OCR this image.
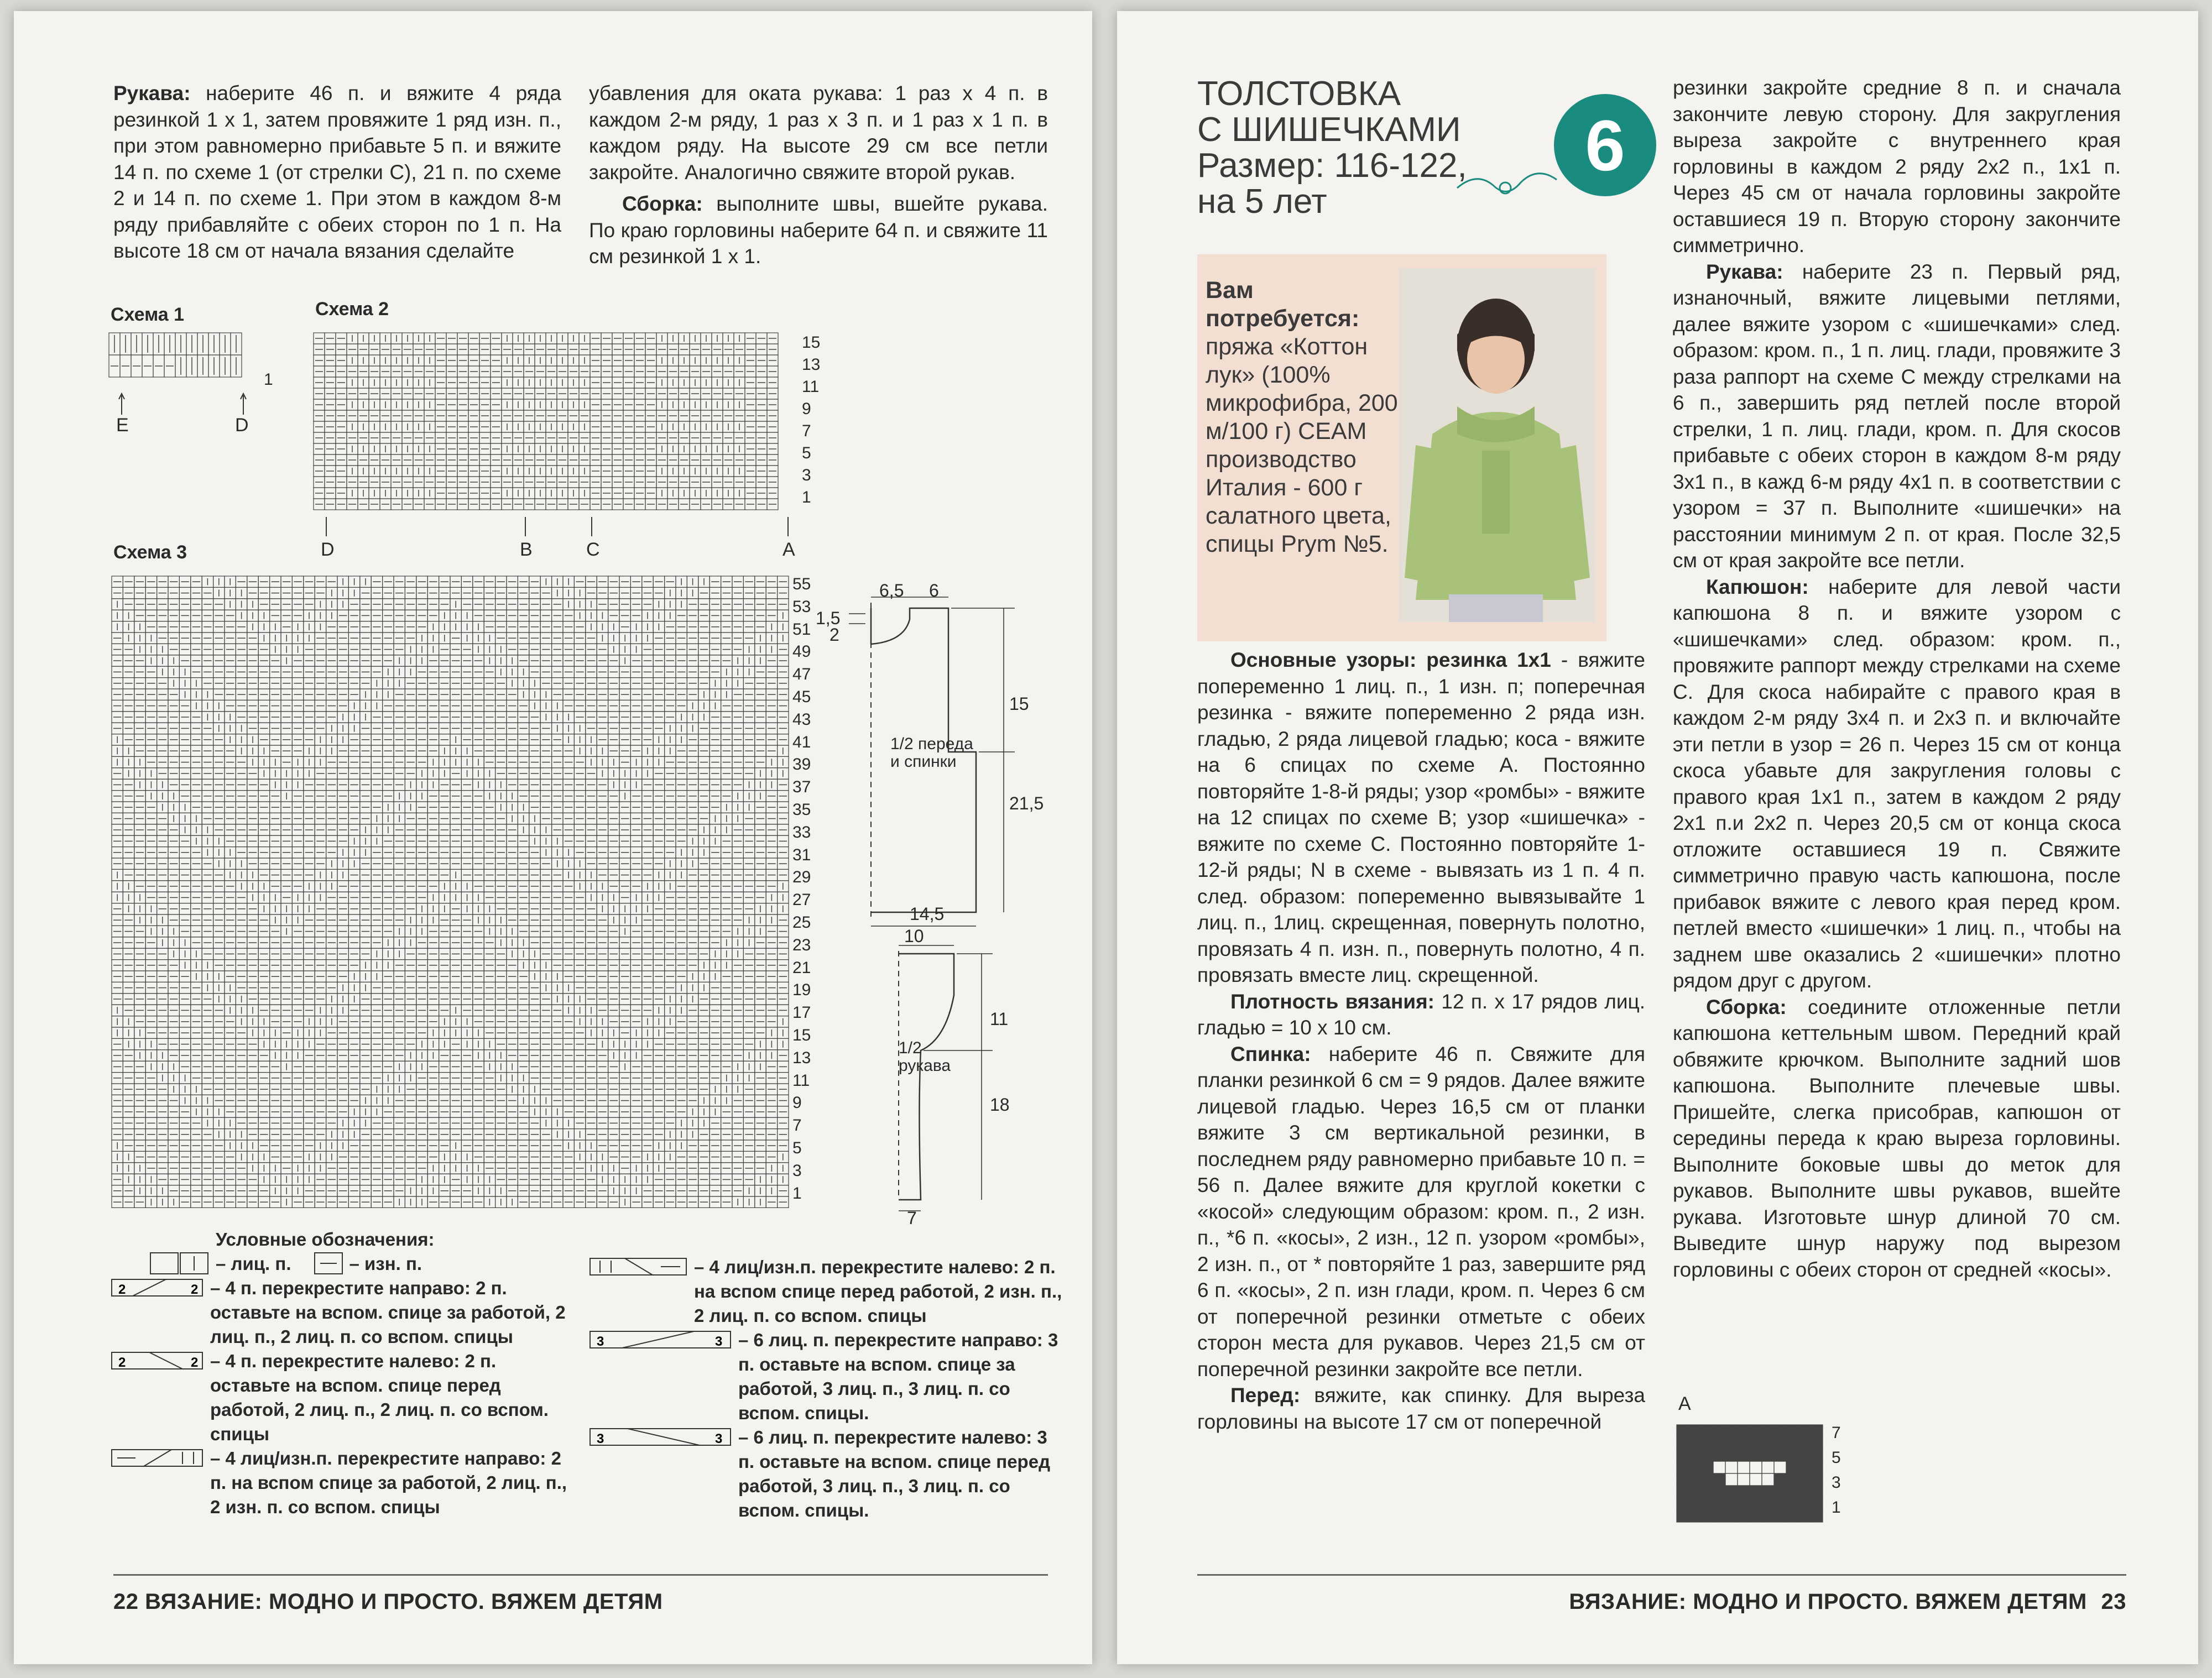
Рукава: наберите 46 п. и вяжите 4 ряда резинкой 1 х 1, затем провяжите 1 ряд изн. п., при этом равномерно прибавьте 5 п. и вяжите 14 п. по схеме 1 (от стрелки С), 21 п. по схеме 2 и 14 п. по схеме 1. При этом в каждом 8-м ряду прибавляйте с обеих сторон по 1 п. На высоте 18 см от начала вязания сделайте

убавления для оката рукава: 1 раз х 4 п. в каждом 2-м ряду, 1 раз х 3 п. и 1 раз х 1 п. в каждом ряду. На высоте 29 см все петли закройте. Аналогично свяжите второй рукав.

Сборка: выполните швы, вшейте рукава. По краю горловины наберите 64 п. и свяжите 11 см резинкой 1 х 1.

Схема 1
1
E	D
Схема 2
15
13
11
9
7
5
3
1
D	B	C	A
Схема 3
55
53
51
49
47
45
43
41
39
37
35
33
31
29
27
25
23
21
19
17
15
13
11
9
7
5
3
1
6,5 6
1,5
2
15
21,5
14,5
1/2 переда и спинки
10
11
18
7
1/2 рукава
Условные обозначения:
– лиц. п.	– изн. п.
2	2 – 4 п. перекрестите направо: 2 п. оставьте на вспом. спице за работой, 2 лиц. п., 2 лиц. п. со вспом. спицы
2	2 – 4 п. перекрестите налево: 2 п. оставьте на вспом. спице перед работой, 2 лиц. п., 2 лиц. п. со вспом. спицы
– 4 лиц/изн.п. перекрестите направо: 2 п. на вспом спице за работой, 2 лиц. п., 2 изн. п. со вспом. спицы
– 4 лиц/изн.п. перекрестите налево: 2 п. на вспом спице перед работой, 2 изн. п., 2 лиц. п. со вспом. спицы
3	3 – 6 лиц. п. перекрестите направо: 3 п. оставьте на вспом. спице за работой, 3 лиц. п., 3 лиц. п. со вспом. спицы.
3	3 – 6 лиц. п. перекрестите налево: 3 п. оставьте на вспом. спице перед работой, 3 лиц. п., 3 лиц. п. со вспом. спицы.
22 ВЯЗАНИЕ: МОДНО И ПРОСТО. ВЯЖЕМ ДЕТЯМ
ТОЛСТОВКА
С ШИШЕЧКАМИ
Размер: 116-122,
на 5 лет
6
Вам потребуется:
пряжа «Коттон лук» (100% микрофибра, 200 м/100 г) CEAM производство Италия - 600 г салатного цвета, спицы Prym №5.

Основные узоры: резинка 1х1 - вяжите попеременно 1 лиц. п., 1 изн. п; поперечная резинка - вяжите попеременно 2 ряда изн. гладью, 2 ряда лицевой гладью; коса - вяжите на 6 спицах по схеме А. Постоянно повторяйте 1-8-й ряды; узор «ромбы» - вяжите на 12 спицах по схеме В; узор «шишечка» - вяжите по схеме С. Постоянно повторяйте 1-12-й ряды; N в схеме - вывязать из 1 п. 4 п. след. образом: попеременно вывязывайте 1 лиц. п., 1лиц. скрещенная, повернуть полотно, провязать 4 п. изн. п., повернуть полотно, 4 п. провязать вместе лиц. скрещенной.

Плотность вязания: 12 п. х 17 рядов лиц. гладью = 10 х 10 см.

Спинка: наберите 46 п. Свяжите для планки резинкой 6 см = 9 рядов. Далее вяжите лицевой гладью. Через 16,5 см от планки вяжите 3 см вертикальной резинки, в последнем ряду равномерно прибавьте 10 п. = 56 п. Далее вяжите для круглой кокетки с «косой» следующим образом: кром. п., 2 изн. п., *6 п. «косы», 2 изн., 12 п. узором «ромбы», 2 изн. п., от * повторяйте 1 раз, завершите ряд 6 п. «косы», 2 п. изн глади, кром. п. Через 6 см от поперечной резинки отметьте с обеих сторон места для рукавов. Через 21,5 см от поперечной резинки закройте все петли.

Перед: вяжите, как спинку. Для выреза горловины на высоте 17 см от поперечной

резинки закройте средние 8 п. и сначала закончите левую сторону. Для закругления выреза закройте с внутреннего края горловины в каждом 2 ряду 2х2 п., 1х1 п. Через 45 см от начала горловины закройте оставшиеся 19 п. Вторую сторону закончите симметрично.

Рукава: наберите 23 п. Первый ряд, изнаночный, вяжите лицевыми петлями, далее вяжите узором с «шишечками» след. образом: кром. п., 1 п. лиц. глади, провяжите 3 раза раппорт на схеме С между стрелками на 6 п., завершить ряд петлей после второй стрелки, 1 п. лиц. глади, кром. п. Для скосов прибавьте с обеих сторон в каждом 8-м ряду 3х1 п., в кажд 6-м ряду 4х1 п. в соответствии с узором = 37 п. Выполните «шишечки» на расстоянии минимум 2 п. от края. После 32,5 см от края закройте все петли.

Капюшон: наберите для левой части капюшона 8 п. и вяжите узором с «шишечками» след. образом: кром. п., провяжите раппорт между стрелками на схеме С. Для скоса набирайте с правого края в каждом 2-м ряду 3х4 п. и 2х3 п. и включайте эти петли в узор = 26 п. Через 15 см от конца скоса убавьте для закругления головы с правого края 1х1 п., затем в каждом 2 ряду 2х1 п.и 2х2 п. Через 20,5 см от конца скоса отложите оставшиеся 19 п. Свяжите симметрично правую часть капюшона, после прибавок вяжите с левого края перед кром. петлей вместо «шишечки» 1 лиц. п., чтобы на заднем шве оказались 2 «шишечки» плотно рядом друг с другом.

Сборка: соедините отложенные петли капюшона кеттельным швом. Передний край обвяжите крючком. Выполните задний шов капюшона. Выполните плечевые швы. Пришейте, слегка присобрав, капюшон от середины переда к краю выреза горловины. Выполните боковые швы до меток для рукавов. Выполните швы рукавов, вшейте рукава. Изготовьте шнур длиной 70 см. Выведите шнур наружу под вырезом горловины с обеих сторон от средней «косы».

A
7
5
3
1
ВЯЗАНИЕ: МОДНО И ПРОСТО. ВЯЖЕМ ДЕТЯМ 23
